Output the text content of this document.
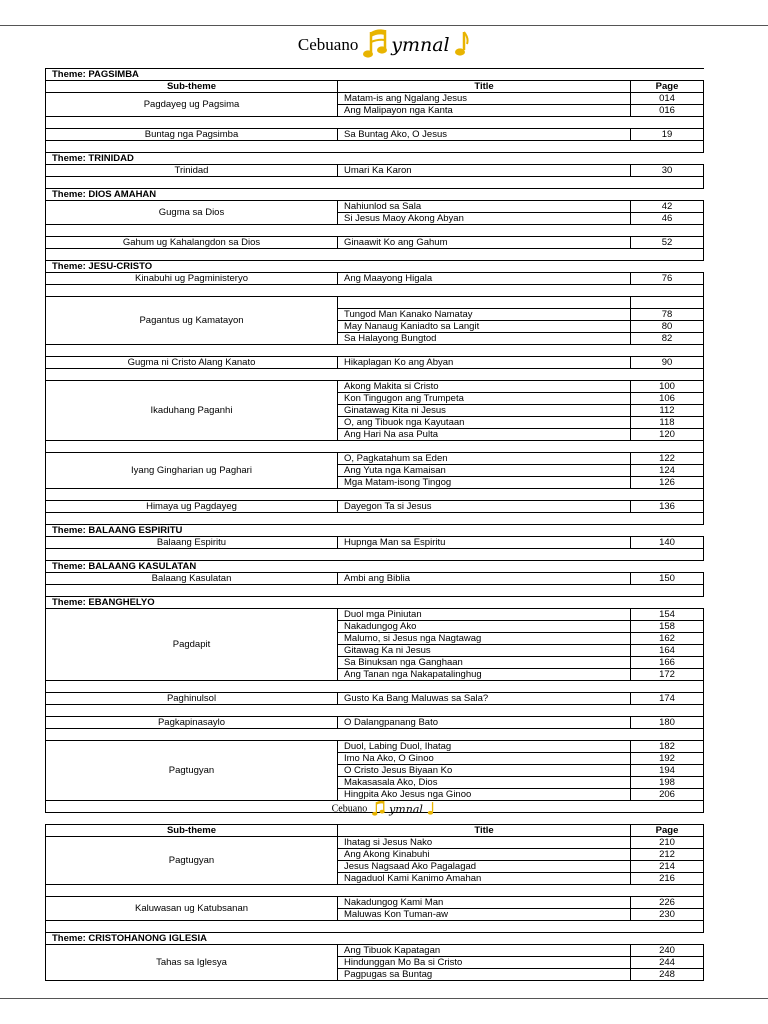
Cebuano ymnal
Theme: PAGSIMBA		
Sub-theme	Title	Page
Pagdayeg ug Pagsima	Matam-is ang Ngalang Jesus	014
	Ang Malipayon nga Kanta	016

Buntag nga Pagsimba	Sa Buntag Ako, O Jesus	19

Theme: TRINIDAD		
Trinidad	Umari Ka Karon	30

Theme: DIOS AMAHAN		
Gugma sa Dios	Nahiunlod sa Sala	42
	Si Jesus Maoy Akong Abyan	46

Gahum ug Kahalangdon sa Dios	Ginaawit Ko ang Gahum	52

Theme: JESU-CRISTO		
Kinabuhi ug Pagministeryo	Ang Maayong Higala	76

Pagantus ug Kamatayon		
	Tungod Man Kanako Namatay	78
	May Nanaug Kaniadto sa Langit	80
	Sa Halayong Bungtod	82

Gugma ni Cristo Alang Kanato	Hikaplagan Ko ang Abyan	90

Ikaduhang Paganhi	Akong Makita si Cristo	100
	Kon Tingugon ang Trumpeta	106
	Ginatawag Kita ni Jesus	112
	O, ang Tibuok nga Kayutaan	118
	Ang Hari Na asa Pulta	120

Iyang Gingharian ug Paghari	O, Pagkatahum sa Eden	122
	Ang Yuta nga Kamaisan	124
	Mga Matam-isong Tingog	126

Himaya ug Pagdayeg	Dayegon Ta si Jesus	136

Theme: BALAANG ESPIRITU		
Balaang Espiritu	Hupnga Man sa Espiritu	140

Theme: BALAANG KASULATAN		
Balaang Kasulatan	Ambi ang Biblia	150

Theme: EBANGHELYO		
Pagdapit	Duol mga Piniutan	154
	Nakadungog Ako	158
	Malumo, si Jesus nga Nagtawag	162
	Gitawag Ka ni Jesus	164
	Sa Binuksan nga Ganghaan	166
	Ang Tanan nga Nakapatalinghug	172

Paghinulsol	Gusto Ka Bang Maluwas sa Sala?	174

Pagkapinasaylo	O Dalangpanang Bato	180

Pagtugyan	Duol, Labing Duol, Ihatag	182
	Imo Na Ako, O Ginoo	192
	O Cristo Jesus Biyaan Ko	194
	Makasasala Ako, Dios	198
	Hingpita Ako Jesus nga Ginoo	206

Cebuano ymnal
Sub-theme	Title	Page
Pagtugyan	Ihatag si Jesus Nako	210
	Ang Akong Kinabuhi	212
	Jesus Nagsaad Ako Pagalagad	214
	Nagaduol Kami Kanimo Amahan	216

Kaluwasan ug Katubsanan	Nakadungog Kami Man	226
	Maluwas Kon Tuman-aw	230

Theme: CRISTOHANONG IGLESIA		
Tahas sa Iglesya	Ang Tibuok Kapatagan	240
	Hindunggan Mo Ba si Cristo	244
	Pagpugas sa Buntag	248
